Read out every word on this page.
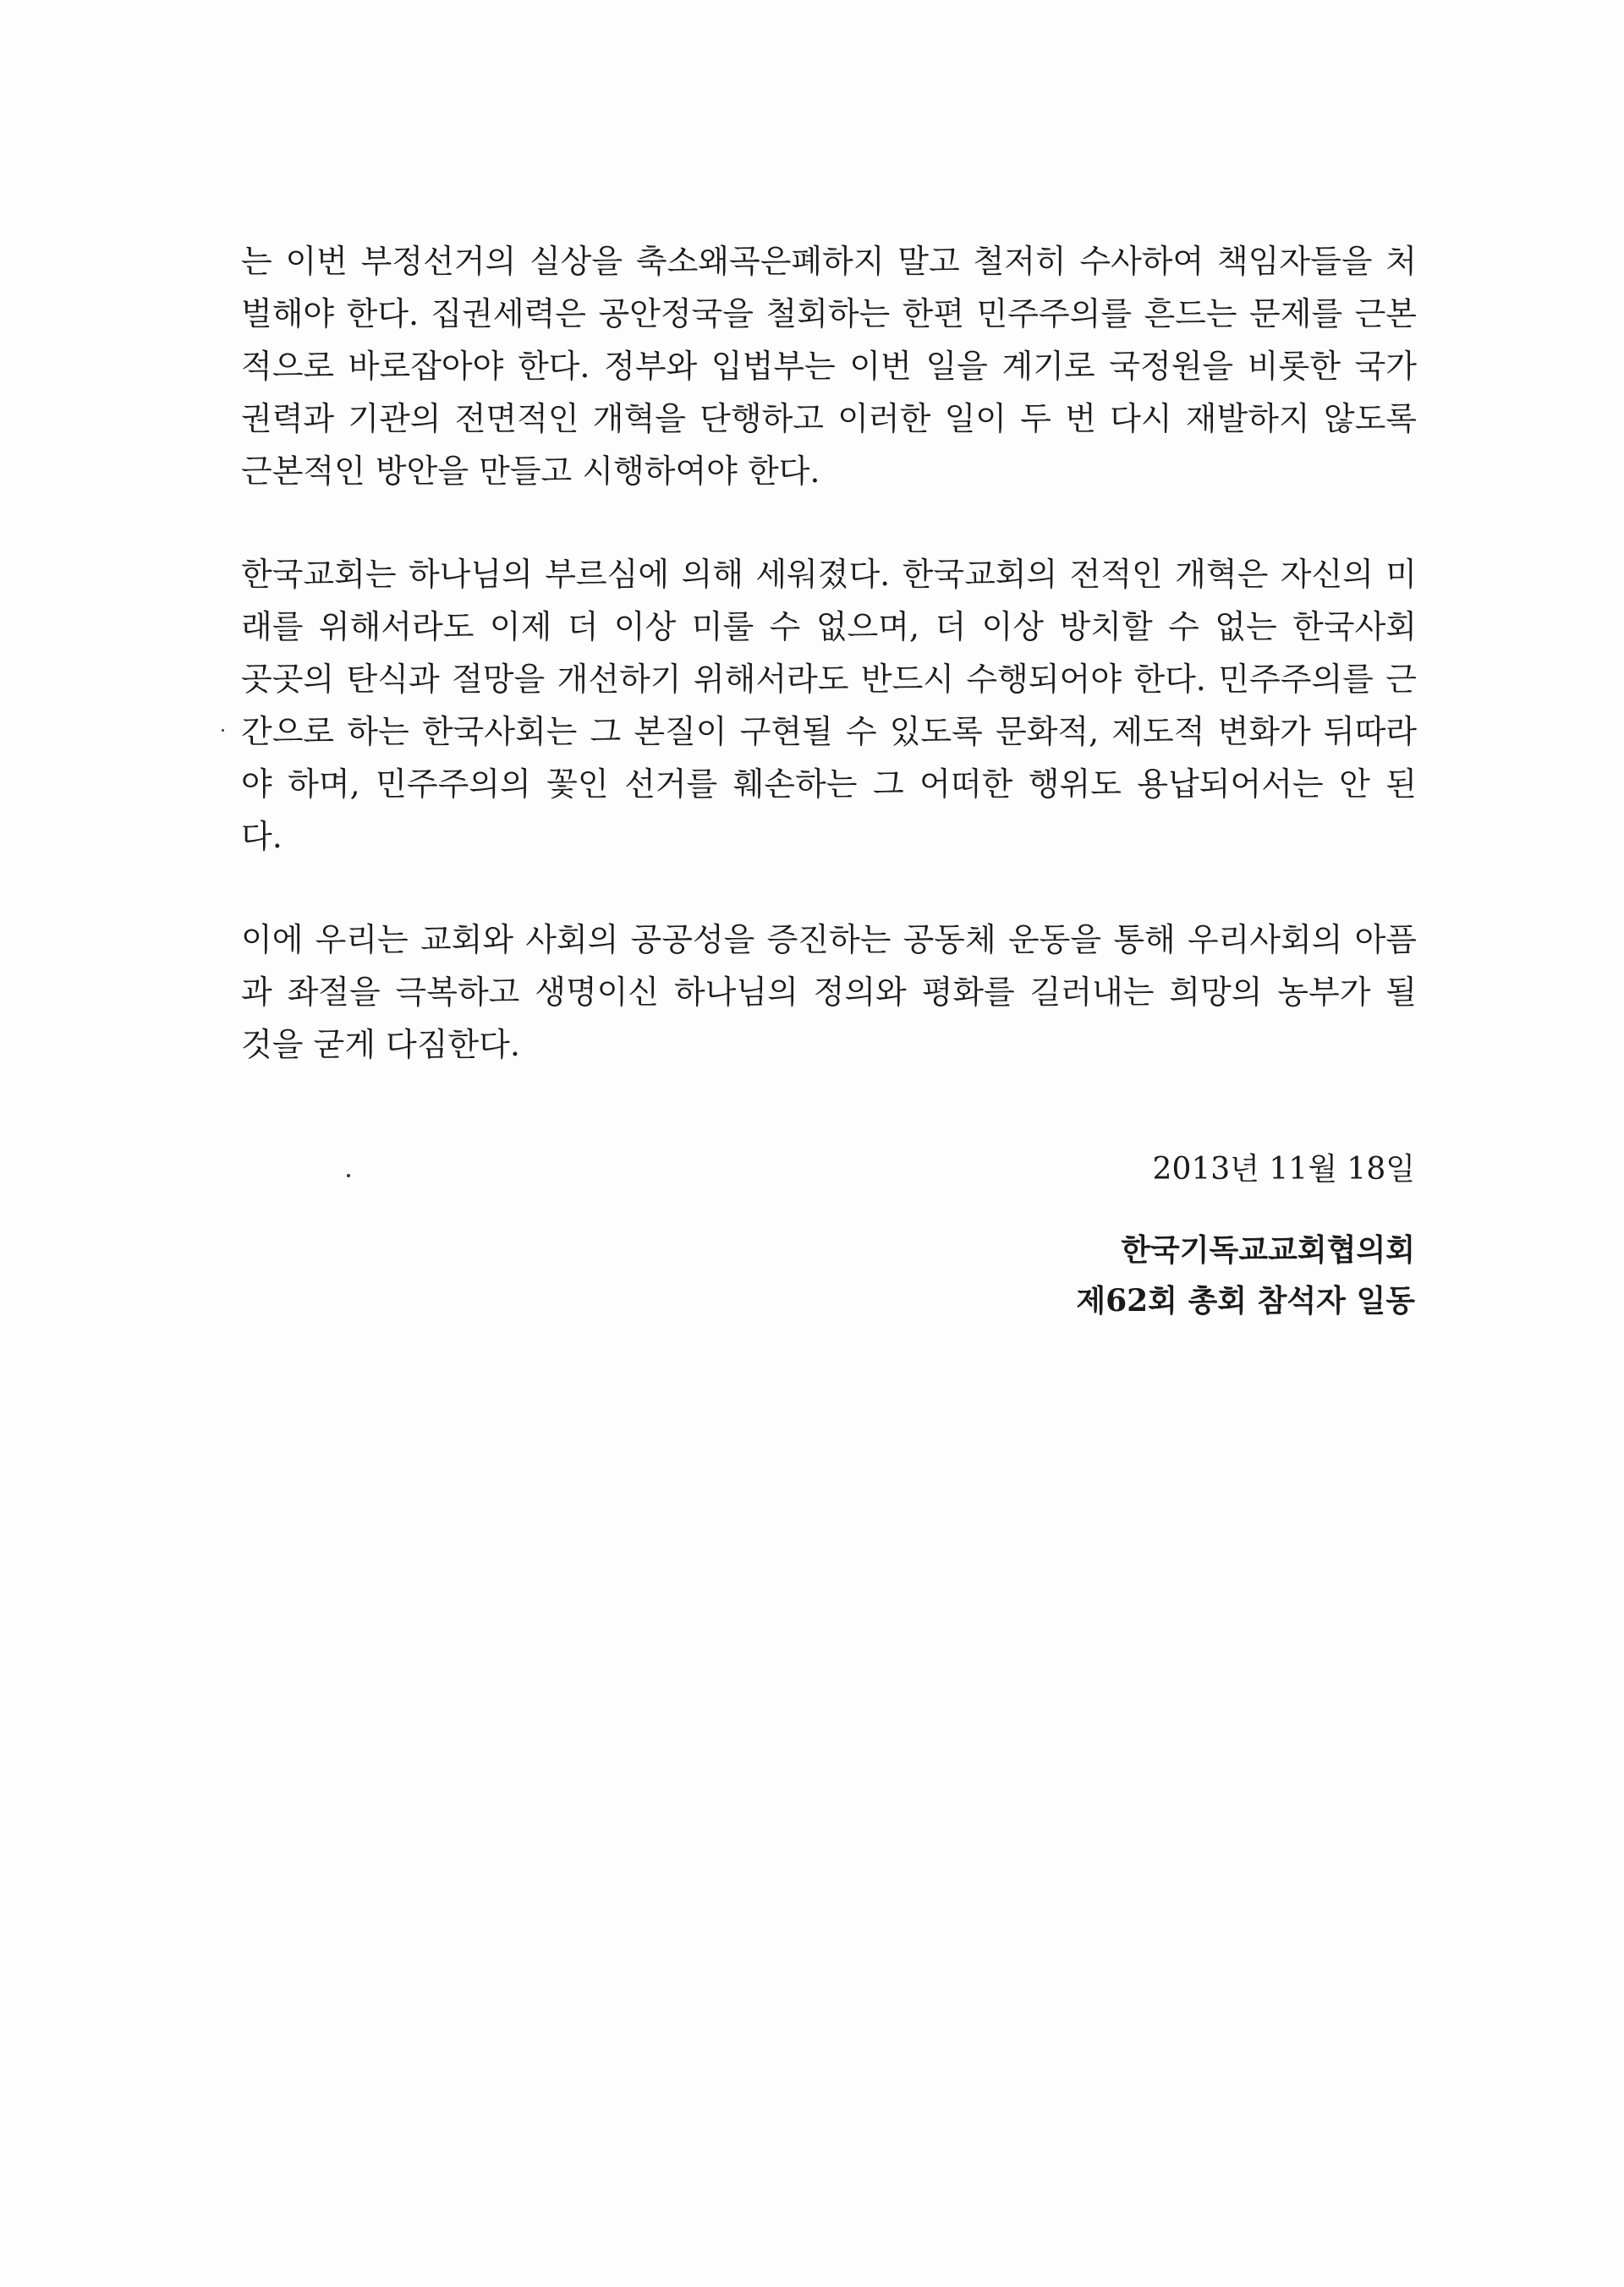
는 이번 부정선거의 실상을 축소왜곡은폐하지 말고 철저히 수사하여 책임자들을 처
벌해야 한다. 집권세력은 공안정국을 철회하는 한편 민주주의를 흔드는 문제를 근본
적으로 바로잡아야 한다. 정부와 입법부는 이번 일을 계기로 국정원을 비롯한 국가
권력과 기관의 전면적인 개혁을 단행하고 이러한 일이 두 번 다시 재발하지 않도록
근본적인 방안을 만들고 시행하여야 한다.
한국교회는 하나님의 부르심에 의해 세워졌다. 한국교회의 전적인 개혁은 자신의 미
래를 위해서라도 이제 더 이상 미룰 수 없으며, 더 이상 방치할 수 없는 한국사회
곳곳의 탄식과 절망을 개선하기 위해서라도 반드시 수행되어야 한다. 민주주의를 근
간으로 하는 한국사회는 그 본질이 구현될 수 있도록 문화적, 제도적 변화가 뒤따라
야 하며, 민주주의의 꽃인 선거를 훼손하는 그 어떠한 행위도 용납되어서는 안 된
다.
이에 우리는 교회와 사회의 공공성을 증진하는 공동체 운동을 통해 우리사회의 아픔
과 좌절을 극복하고 생명이신 하나님의 정의와 평화를 길러내는 희망의 농부가 될
것을 굳게 다짐한다.
2013년 11월 18일
한국기독교교회협의회
제62회 총회 참석자 일동
